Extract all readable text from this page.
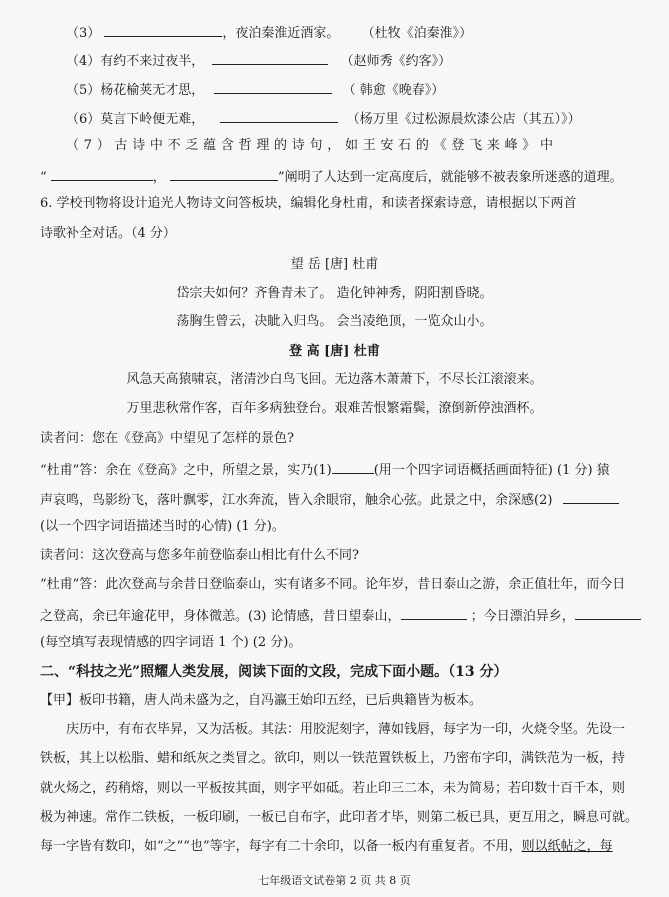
（3）	，夜泊秦淮近酒家。 （杜牧《泊秦淮》）
（4）有约不来过夜半，	（赵师秀《约客》）
（5）杨花榆荚无才思，	（ 韩愈《晚春》）
（6）莫言下岭便无难，	（杨万里《过松源晨炊漆公店（其五）》）
（ 7 ） 古 诗 中 不 乏 蕴 含 哲 理 的 诗 句 ， 如 王 安 石 的 《 登 飞 来 峰 》 中
“	，	”阐明了人达到一定高度后，就能够不被表象所迷惑的道理。
6. 学校刊物将设计追光人物诗文问答板块，编辑化身杜甫，和读者探索诗意，请根据以下两首
诗歌补全对话。（4 分）
望 岳 [唐] 杜甫
岱宗夫如何？齐鲁青未了。 造化钟神秀，阴阳割昏晓。
荡胸生曾云，决眦入归鸟。 会当凌绝顶，一览众山小。
登 高 [唐] 杜甫
风急天高猿啸哀，渚清沙白鸟飞回。无边落木萧萧下，不尽长江滚滚来。
万里悲秋常作客，百年多病独登台。艰难苦恨繁霜鬓，潦倒新停浊酒杯。
读者问：您在《登高》中望见了怎样的景色?
“杜甫”答：余在《登高》之中，所望之景，实乃(1)	(用一个四字词语概括画面特征) (1 分) 猿
声哀鸣，鸟影纷飞，落叶飘零，江水奔流，皆入余眼帘，触余心弦。此景之中，余深感(2)
(以一个四字词语描述当时的心情) (1 分)。
读者问：这次登高与您多年前登临泰山相比有什么不同?
“杜甫”答：此次登高与余昔日登临泰山，实有诸多不同。论年岁，昔日泰山之游，余正值壮年，而今日
之登高，余已年逾花甲，身体微恙。(3) 论情感，昔日望泰山，	；今日漂泊异乡，
(每空填写表现情感的四字词语 1 个) (2 分)。
二、“科技之光”照耀人类发展，阅读下面的文段，完成下面小题。（13 分）
【甲】板印书籍，唐人尚未盛为之，自冯瀛王始印五经，已后典籍皆为板本。
庆历中，有布衣毕昇，又为活板。其法：用胶泥刻字，薄如钱唇，每字为一印，火烧令坚。先设一
铁板，其上以松脂、蜡和纸灰之类冒之。欲印，则以一铁范置铁板上，乃密布字印，满铁范为一板，持
就火炀之，药稍熔，则以一平板按其面，则字平如砥。若止印三二本，未为简易；若印数十百千本，则
极为神速。常作二铁板，一板印刷，一板已自布字，此印者才毕，则第二板已具，更互用之，瞬息可就。
每一字皆有数印，如“之”“也”等字，每字有二十余印，以备一板内有重复者。不用，则以纸帖之，每
七年级语文试卷第 2 页 共 8 页
